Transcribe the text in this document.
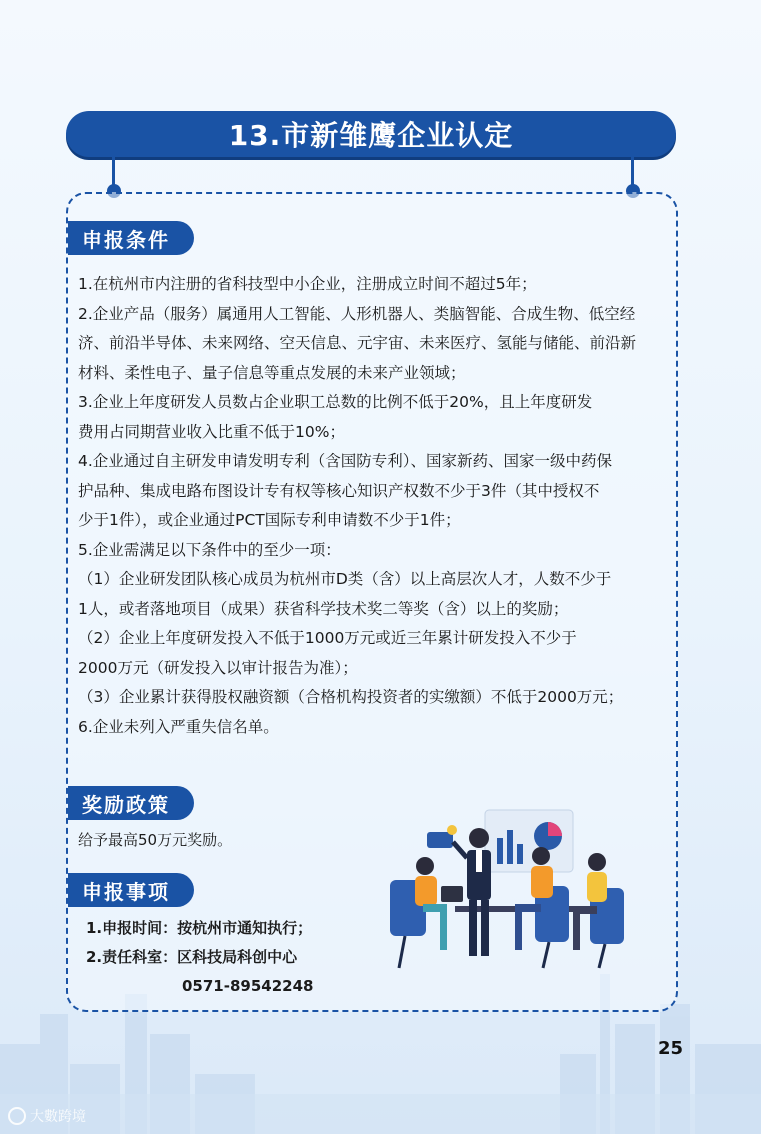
13.市新雏鹰企业认定
申报条件

1.在杭州市内注册的省科技型中小企业，注册成立时间不超过5年；

2.企业产品（服务）属通用人工智能、人形机器人、类脑智能、合成生物、低空经

济、前沿半导体、未来网络、空天信息、元宇宙、未来医疗、氢能与储能、前沿新

材料、柔性电子、量子信息等重点发展的未来产业领域；

3.企业上年度研发人员数占企业职工总数的比例不低于20%，且上年度研发

费用占同期营业收入比重不低于10%；

4.企业通过自主研发申请发明专利（含国防专利）、国家新药、国家一级中药保

护品种、集成电路布图设计专有权等核心知识产权数不少于3件（其中授权不

少于1件），或企业通过PCT国际专利申请数不少于1件；

5.企业需满足以下条件中的至少一项：

（1）企业研发团队核心成员为杭州市D类（含）以上高层次人才，人数不少于

1人，或者落地项目（成果）获省科学技术奖二等奖（含）以上的奖励；

（2）企业上年度研发投入不低于1000万元或近三年累计研发投入不少于

2000万元（研发投入以审计报告为准）；

（3）企业累计获得股权融资额（合格机构投资者的实缴额）不低于2000万元；

6.企业未列入严重失信名单。

奖励政策
给予最高50万元奖励。
申报事项

1.申报时间：按杭州市通知执行；

2.责任科室：区科技局科创中心

0571-89542248

25
大數跨境
